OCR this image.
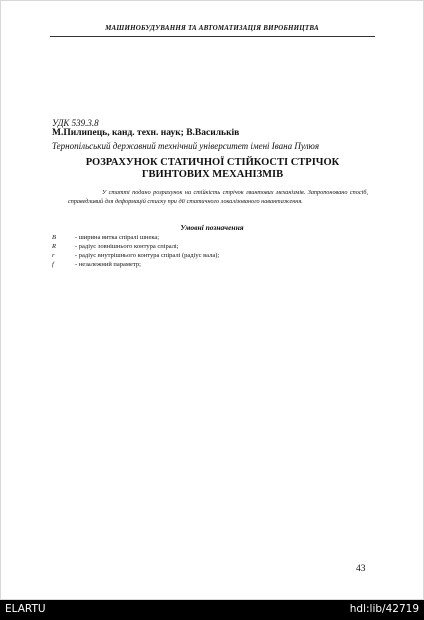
МАШИНОБУДУВАННЯ ТА АВТОМАТИЗАЦІЯ ВИРОБНИЦТВА
УДК 539.3.8
М.Пилипець, канд. техн. наук; В.Васильків
Тернопільський державний технічний університет імені Івана Пулюя
РОЗРАХУНОК СТАТИЧНОЇ СТІЙКОСТІ СТРІЧОК ГВИНТОВИХ МЕХАНІЗМІВ
У статті подано розрахунок на стійкість стрічок гвинтових механізмів. Запропоновано спосіб, справедливий для деформацій стиску при дії статичного локалізованого навантаження.
Умовні позначення
B	- ширина витка спіралі шнека;
R	- радіус зовнішнього контура спіралі;
r	- радіус внутрішнього контура спіралі (радіус вала);
f	- незалежний параметр;
43
ELARTU	hdl:lib/42719
